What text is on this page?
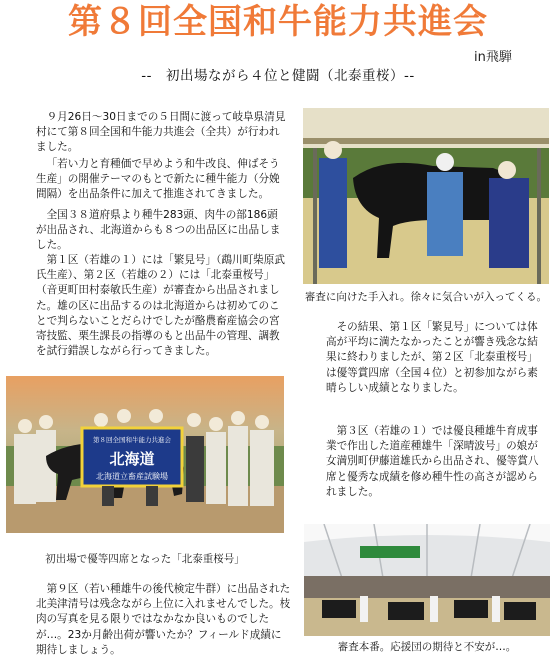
第８回全国和牛能力共進会
in飛騨
--　初出場ながら４位と健闘（北泰重桜）--

９月26日～30日までの５日間に渡って岐阜県清見村にて第８回全国和牛能力共進会（全共）が行われました。

「若い力と育種価で早めよう和牛改良、伸ばそう生産」の開催テーマのもとで新たに種牛能力（分娩間隔）を出品条件に加えて推進されてきました。

全国３８道府県より種牛283頭、肉牛の部186頭が出品され、北海道からも８つの出品区に出品しました。

第１区（若雄の１）には「繁見号」（鵡川町柴原武氏生産）、第２区（若雄の２）には「北泰重桜号」（音更町田村泰敏氏生産）が審査から出品されました。雄の区に出品するのは北海道からは初めてのことで判らないことだらけでしたが酪農畜産協会の宮寄技監、栗生課長の指導のもと出品牛の管理、調教を試行錯誤しながら行ってきました。

第８回全国和牛能力共進会
北海道
北海道立畜産試験場
初出場で優等四席となった「北泰重桜号」

第９区（若い種雄牛の後代検定牛群）に出品された北美津清号は残念ながら上位に入れませんでした。枝肉の写真を見る限りではなかなか良いものでしたが…。23か月齢出荷が響いたか？フィールド成績に期待しましょう。

審査に向けた手入れ。徐々に気合いが入ってくる。

その結果、第１区「繁見号」については体高が平均に満たなかったことが響き残念な結果に終わりましたが、第２区「北泰重桜号」は優等賞四席（全国４位）と初参加ながら素晴らしい成績となりました。

第３区（若雄の１）では優良種雄牛育成事業で作出した道産種雄牛「深晴波号」の娘が女満別町伊藤道雄氏から出品され、優等賞八席と優秀な成績を修め種牛性の高さが認められました。

審査本番。応援団の期待と不安が…。
